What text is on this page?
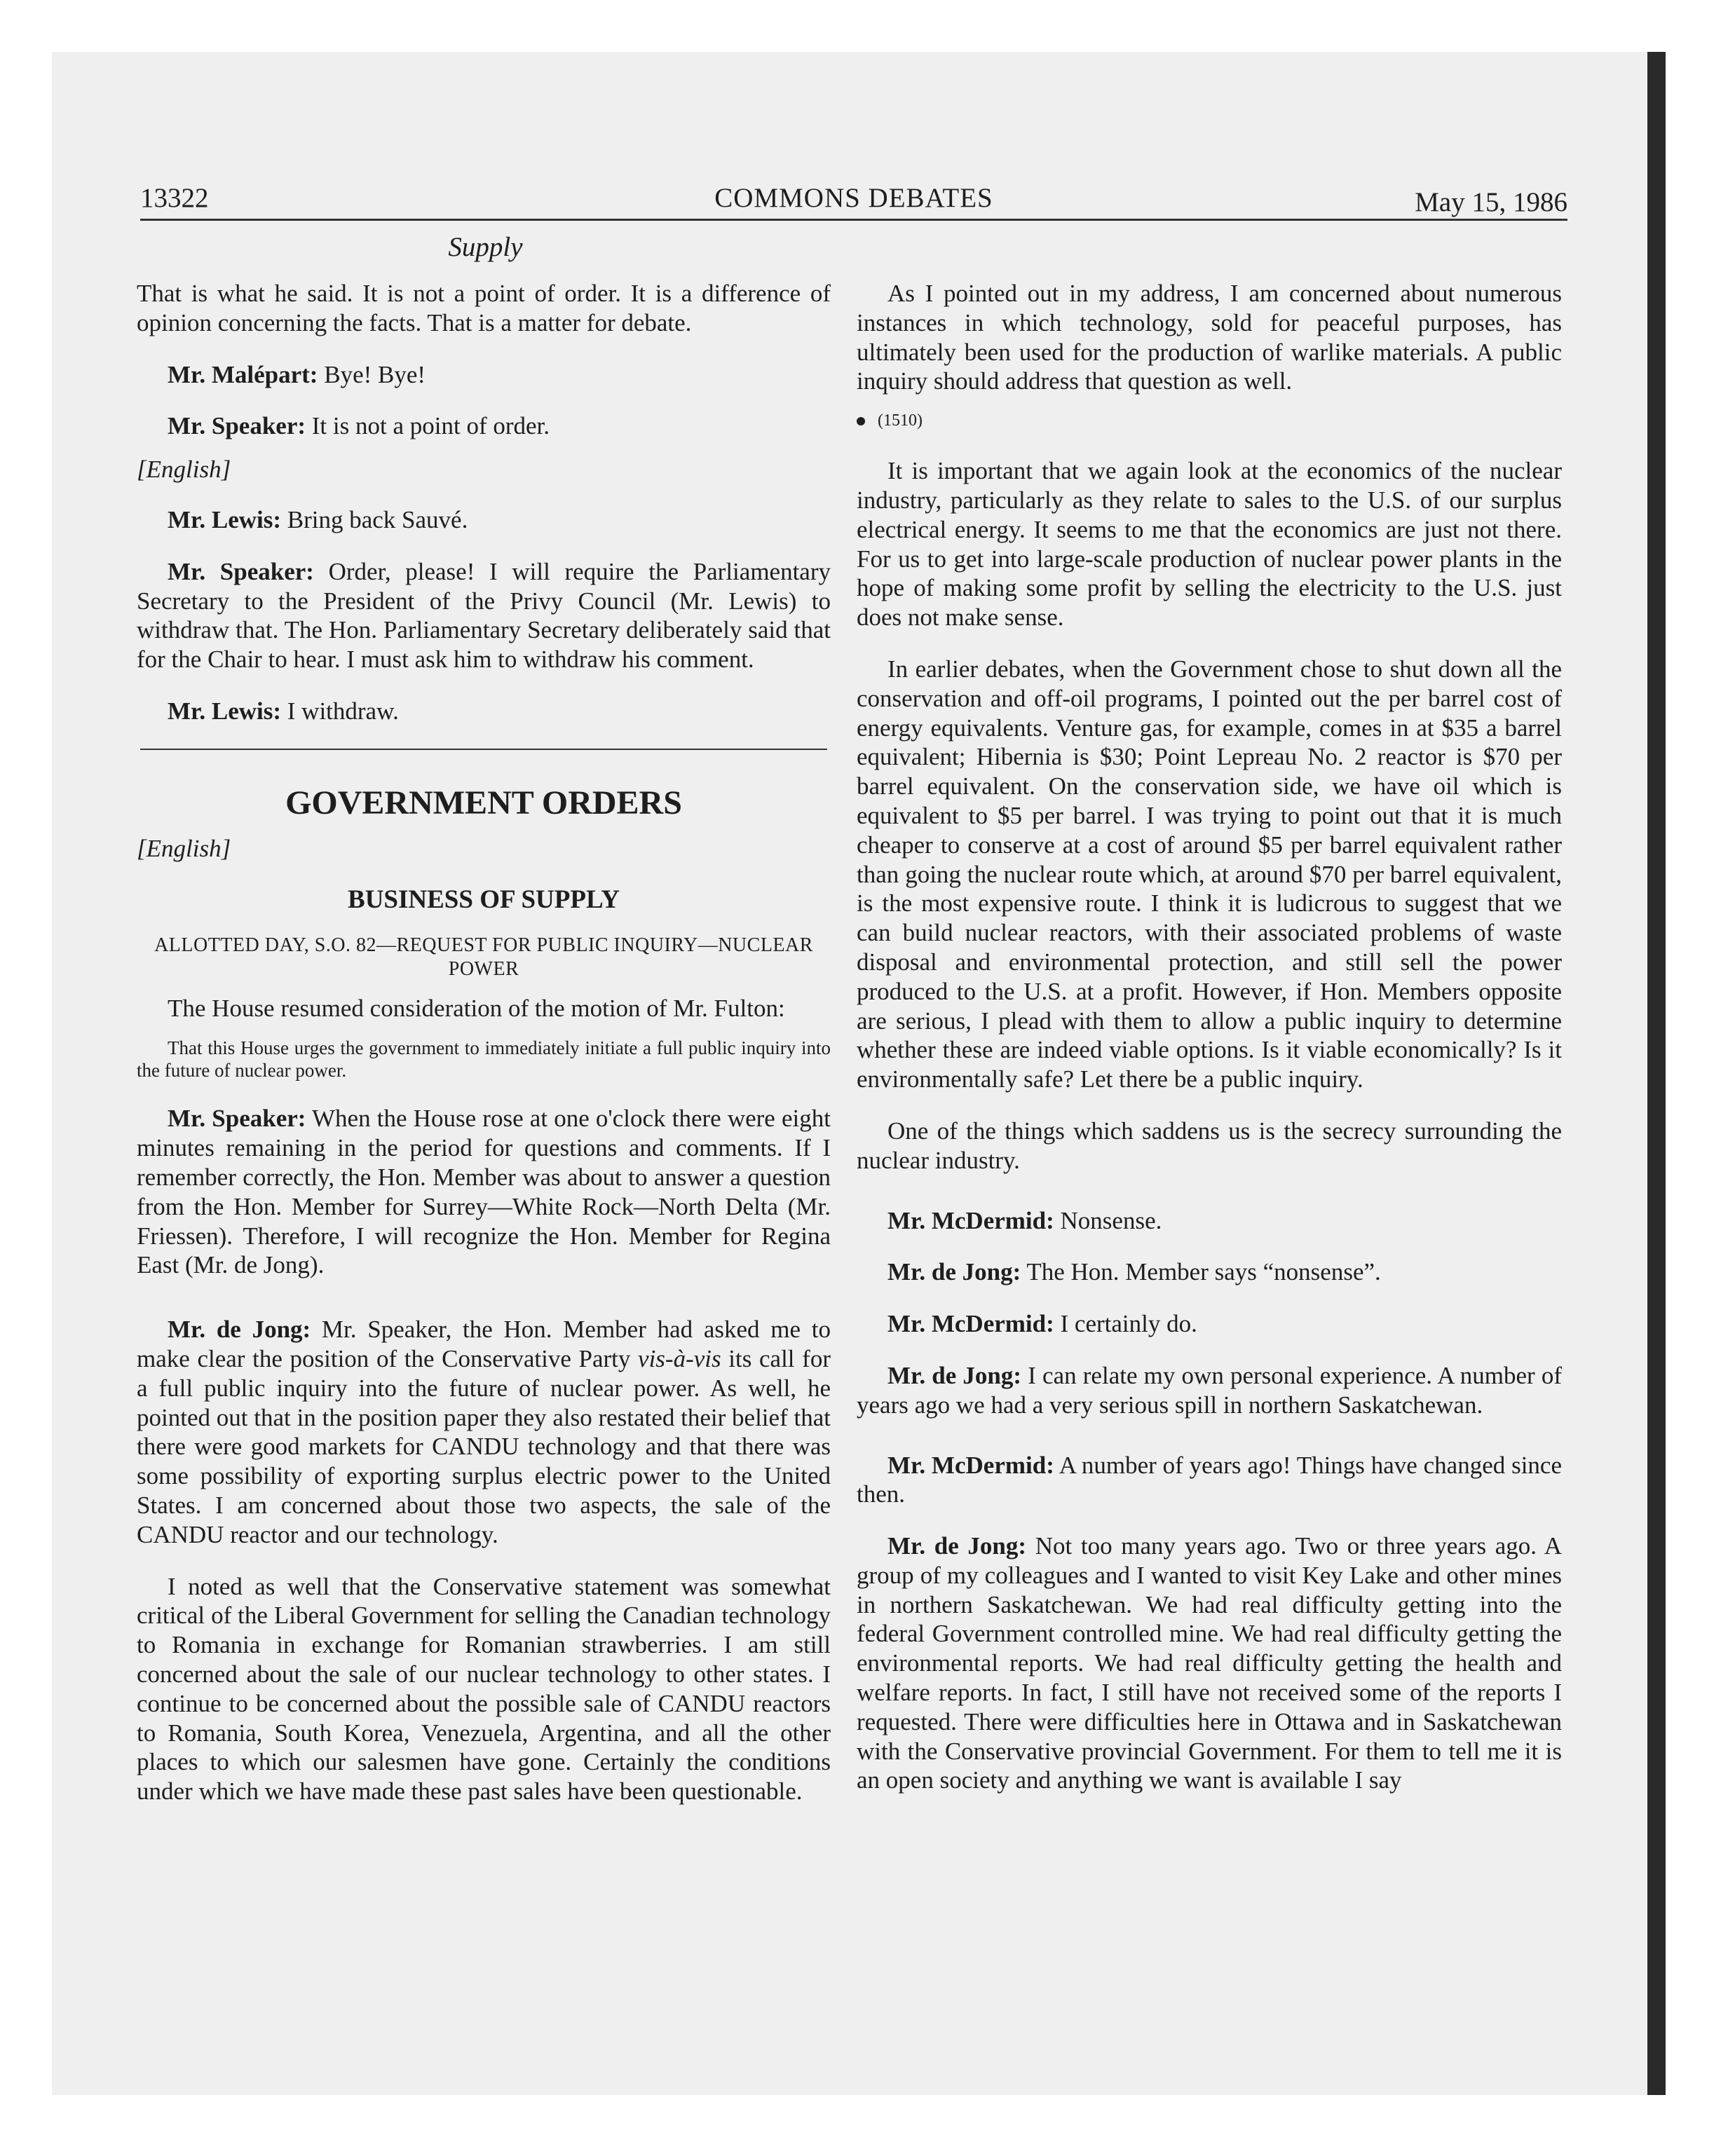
13322	COMMONS DEBATES	May 15, 1986
Supply

That is what he said. It is not a point of order. It is a difference of opinion concerning the facts. That is a matter for debate.

Mr. Malépart: Bye! Bye!

Mr. Speaker: It is not a point of order.

[English]

Mr. Lewis: Bring back Sauvé.

Mr. Speaker: Order, please! I will require the Parliamentary Secretary to the President of the Privy Council (Mr. Lewis) to withdraw that. The Hon. Parliamentary Secretary deliberately said that for the Chair to hear. I must ask him to withdraw his comment.

Mr. Lewis: I withdraw.

GOVERNMENT ORDERS
[English]
BUSINESS OF SUPPLY
ALLOTTED DAY, S.O. 82—REQUEST FOR PUBLIC INQUIRY—NUCLEAR POWER

The House resumed consideration of the motion of Mr. Fulton:

That this House urges the government to immediately initiate a full public inquiry into the future of nuclear power.

Mr. Speaker: When the House rose at one o'clock there were eight minutes remaining in the period for questions and comments. If I remember correctly, the Hon. Member was about to answer a question from the Hon. Member for Surrey—White Rock—North Delta (Mr. Friessen). Therefore, I will recognize the Hon. Member for Regina East (Mr. de Jong).

Mr. de Jong: Mr. Speaker, the Hon. Member had asked me to make clear the position of the Conservative Party vis-à-vis its call for a full public inquiry into the future of nuclear power. As well, he pointed out that in the position paper they also restated their belief that there were good markets for CANDU technology and that there was some possibility of exporting surplus electric power to the United States. I am concerned about those two aspects, the sale of the CANDU reactor and our technology.

I noted as well that the Conservative statement was somewhat critical of the Liberal Government for selling the Canadian technology to Romania in exchange for Romanian strawberries. I am still concerned about the sale of our nuclear technology to other states. I continue to be concerned about the possible sale of CANDU reactors to Romania, South Korea, Venezuela, Argentina, and all the other places to which our salesmen have gone. Certainly the conditions under which we have made these past sales have been questionable.

As I pointed out in my address, I am concerned about numerous instances in which technology, sold for peaceful purposes, has ultimately been used for the production of warlike materials. A public inquiry should address that question as well.

(1510)

It is important that we again look at the economics of the nuclear industry, particularly as they relate to sales to the U.S. of our surplus electrical energy. It seems to me that the economics are just not there. For us to get into large-scale production of nuclear power plants in the hope of making some profit by selling the electricity to the U.S. just does not make sense.

In earlier debates, when the Government chose to shut down all the conservation and off-oil programs, I pointed out the per barrel cost of energy equivalents. Venture gas, for example, comes in at $35 a barrel equivalent; Hibernia is $30; Point Lepreau No. 2 reactor is $70 per barrel equivalent. On the conservation side, we have oil which is equivalent to $5 per barrel. I was trying to point out that it is much cheaper to conserve at a cost of around $5 per barrel equivalent rather than going the nuclear route which, at around $70 per barrel equivalent, is the most expensive route. I think it is ludicrous to suggest that we can build nuclear reactors, with their associated problems of waste disposal and environmental protection, and still sell the power produced to the U.S. at a profit. However, if Hon. Members opposite are serious, I plead with them to allow a public inquiry to determine whether these are indeed viable options. Is it viable economically? Is it environmentally safe? Let there be a public inquiry.

One of the things which saddens us is the secrecy surrounding the nuclear industry.

Mr. McDermid: Nonsense.

Mr. de Jong: The Hon. Member says “nonsense”.

Mr. McDermid: I certainly do.

Mr. de Jong: I can relate my own personal experience. A number of years ago we had a very serious spill in northern Saskatchewan.

Mr. McDermid: A number of years ago! Things have changed since then.

Mr. de Jong: Not too many years ago. Two or three years ago. A group of my colleagues and I wanted to visit Key Lake and other mines in northern Saskatchewan. We had real difficulty getting into the federal Government controlled mine. We had real difficulty getting the environmental reports. We had real difficulty getting the health and welfare reports. In fact, I still have not received some of the reports I requested. There were difficulties here in Ottawa and in Saskatchewan with the Conservative provincial Government. For them to tell me it is an open society and anything we want is available I say
